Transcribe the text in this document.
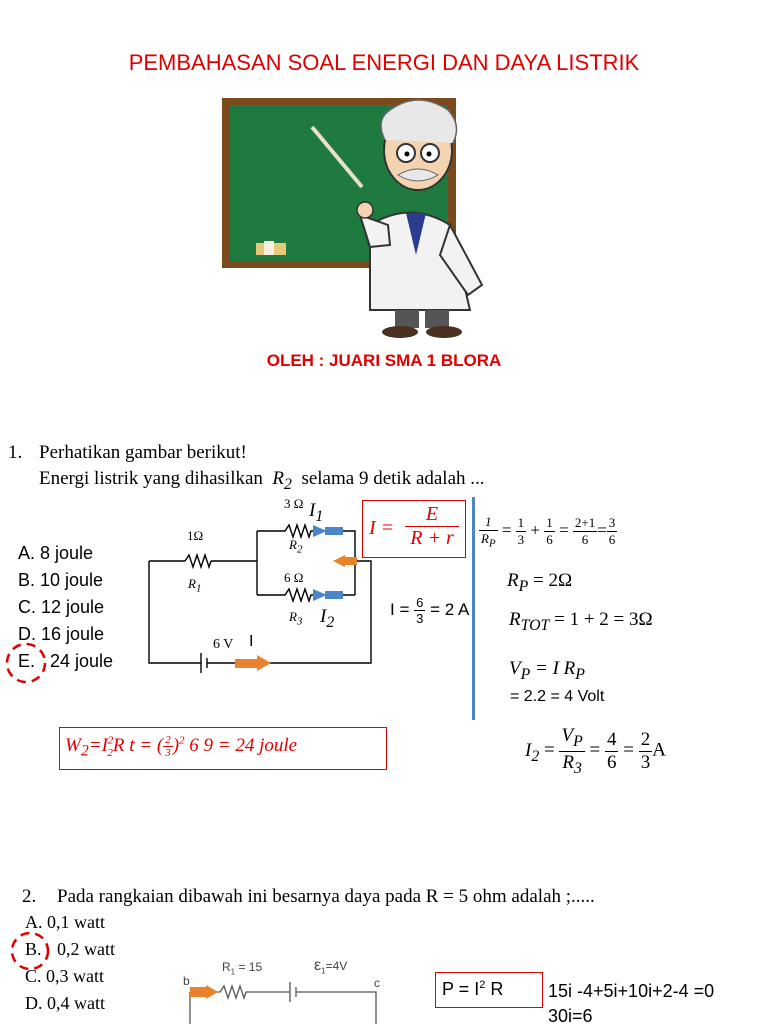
PEMBAHASAN SOAL ENERGI DAN DAYA LISTRIK
OLEH : JUARI SMA 1 BLORA
1. Perhatikan gambar berikut!
Energi listrik yang dihasilkan $R_2$ selama 9 detik adalah ...
A. 8 joule
B. 10 joule
C. 12 joule
D. 16 joule
E. 24 joule
1Ω
$R_1$
3 Ω
$R_2$
6 Ω
$R_3$
$I_1$
$I_2$
6 V I
I =
E
R + r
$I = \frac{6}{3} = 2$ A
$\frac{1}{R_P} = \frac{1}{3} + \frac{1}{6} = \frac{2+1}{6} = \frac{3}{6}$
$R_P = 2\Omega$
$R_{TOT} = 1 + 2 = 3\Omega$
$V_P = I$ $R_P$
= 2.2 = 4 Volt
$I_2 = \frac{V_P}{R_3} = \frac{4}{6} = \frac{2}{3}$ A
$W_2=I^2_2R$ t = ( $\frac{2}{3} )^2$ 6 9 = 24 joule
2. Pada rangkaian dibawah ini besarnya daya pada R = 5 ohm adalah ;.....
A. 0,1 watt
B. 0,2 watt
C. 0,3 watt
D. 0,4 watt
b
$R_1 = 15$	$\varepsilon_1=4V$
c	$P = I^2$ R 15i -4+5i+10i+2-4 =0
30i=6
